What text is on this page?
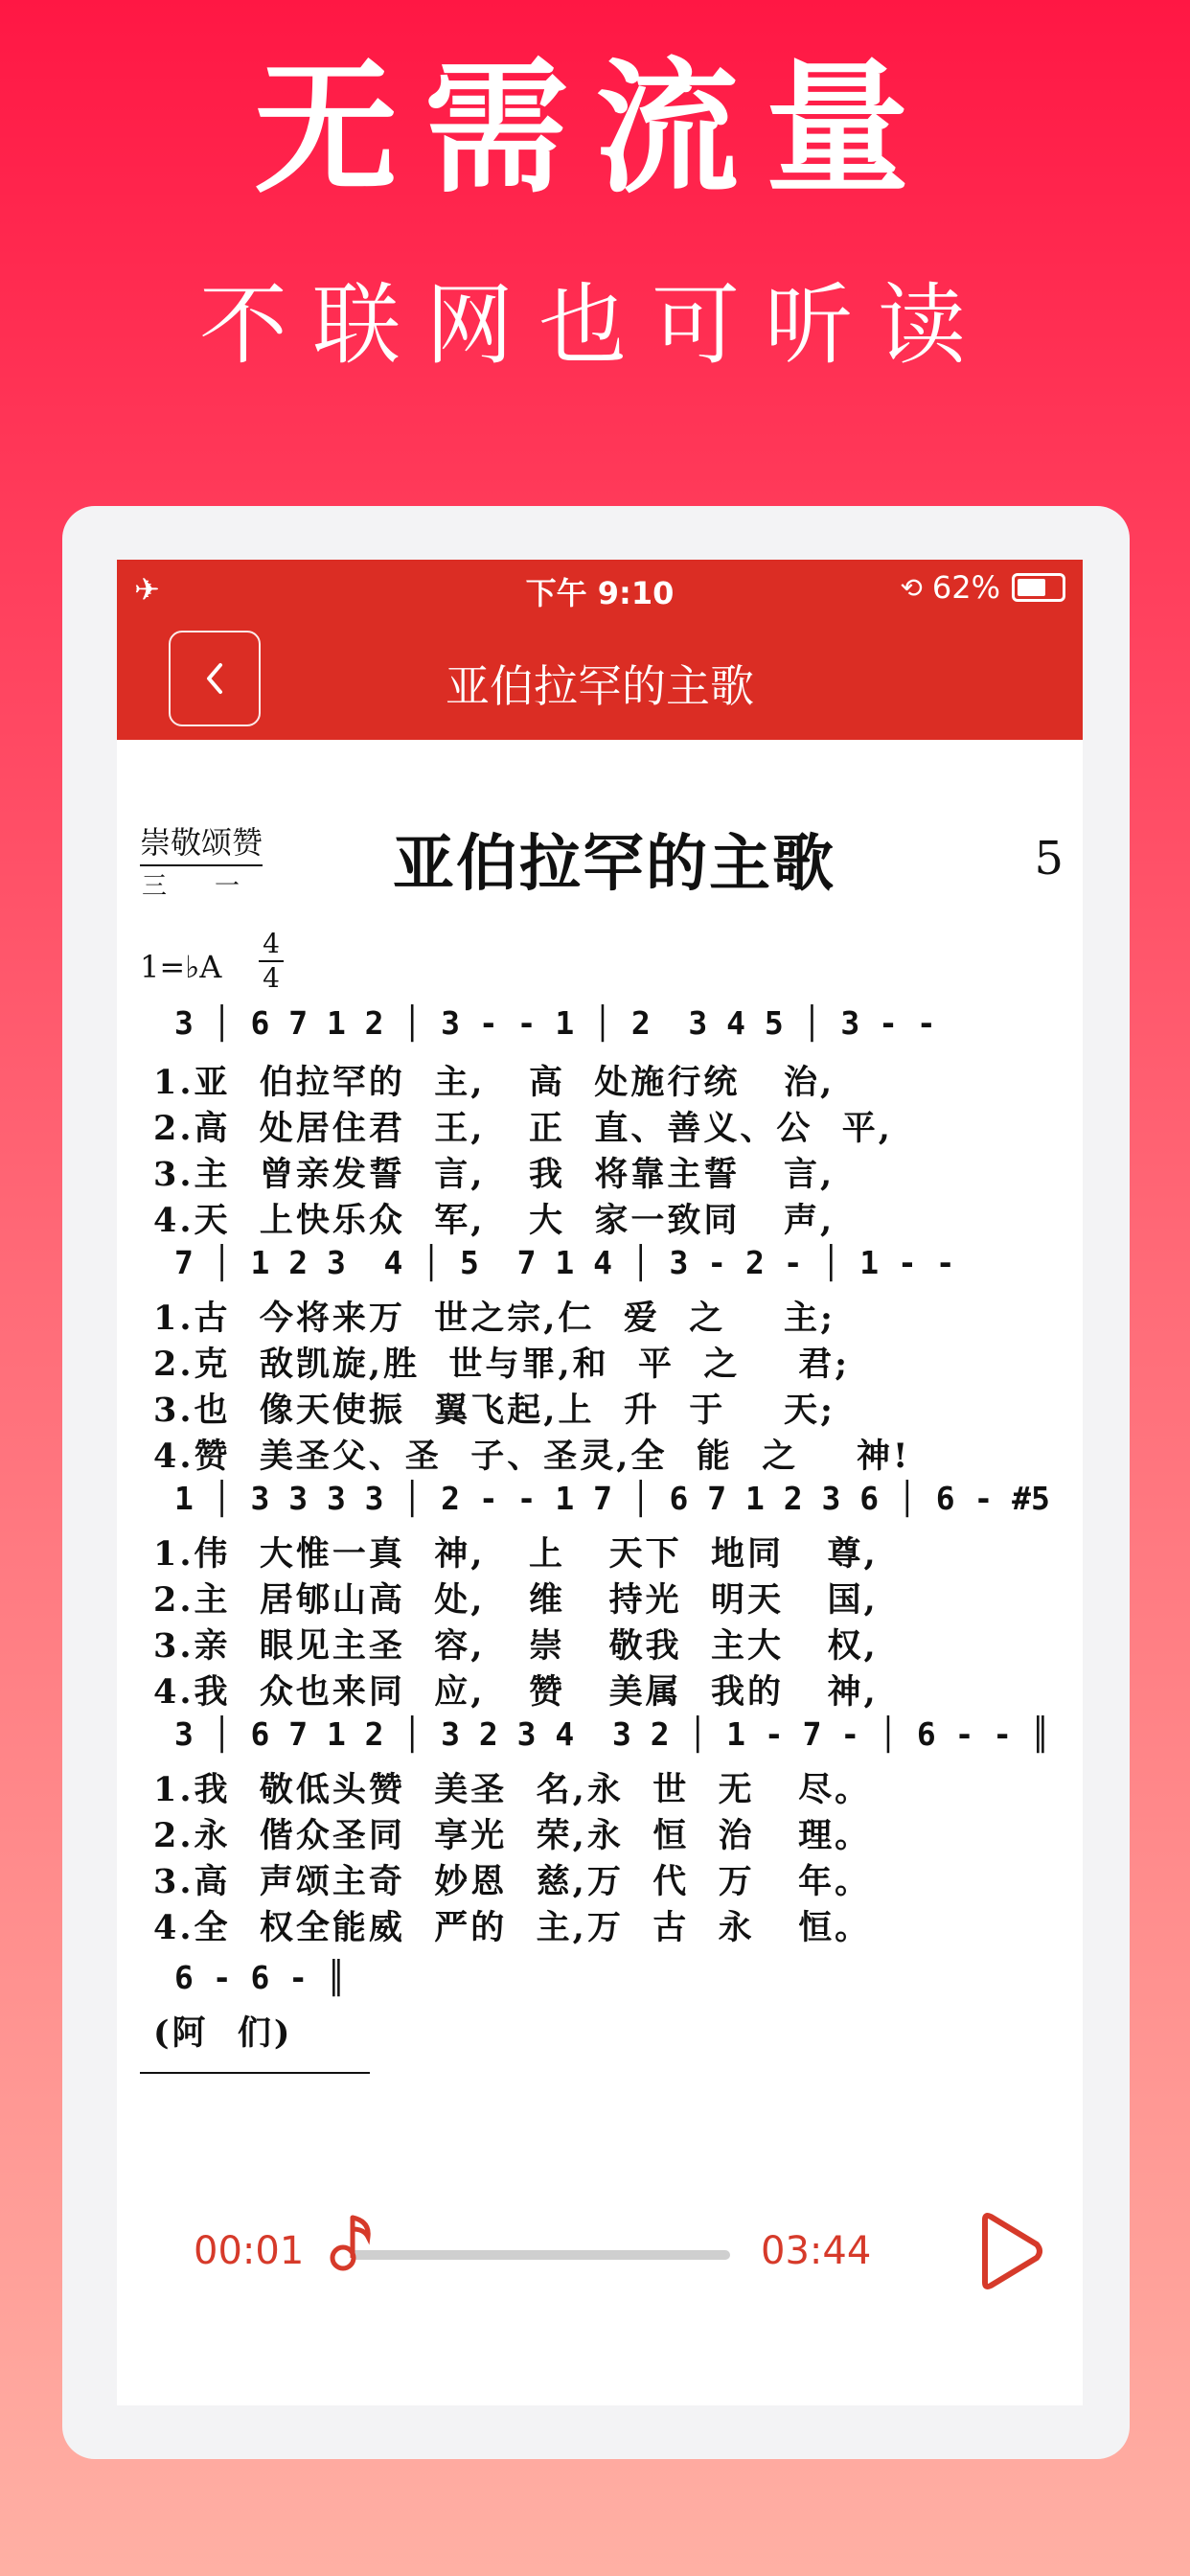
无需流量
不联网也可听读
✈	下午 9:10	⟲ 62%
亚伯拉罕的主歌
崇敬颂赞
三一 亚伯拉罕的主歌	5
1=♭A
4
4
3 │ 6 7 1 2 │ 3 - - 1 │ 2  3 4 5 │ 3 - -
1.亚  伯拉罕的  主,   高  处施行统   治,
2.高  处居住君  王,   正  直、善义、公  平,
3.主  曾亲发誓  言,   我  将靠主誓   言,
4.天  上快乐众  军,   大  家一致同   声,
7 │ 1 2 3  4 │ 5  7 1 4 │ 3 - 2 - │ 1 - -
1.古  今将来万  世之宗,仁  爱  之    主;
2.克  敌凯旋,胜  世与罪,和  平  之    君;
3.也  像天使振  翼飞起,上  升  于    天;
4.赞  美圣父、圣  子、圣灵,全  能  之    神!
1 │ 3 3 3 3 │ 2 - - 1 7 │ 6 7 1 2 3 6 │ 6 - #5
1.伟  大惟一真  神,   上   天下  地同   尊,
2.主  居郇山高  处,   维   持光  明天   国,
3.亲  眼见主圣  容,   崇   敬我  主大   权,
4.我  众也来同  应,   赞   美属  我的   神,
3 │ 6 7 1 2 │ 3 2 3 4  3 2 │ 1 - 7 - │ 6 - - ║
1.我  敬低头赞  美圣  名,永  世  无   尽。
2.永  偕众圣同  享光  荣,永  恒  治   理。
3.高  声颂主奇  妙恩  慈,万  代  万   年。
4.全  权全能威  严的  主,万  古  永   恒。
6 - 6 - ║
(阿  们)
00:01	03:44
